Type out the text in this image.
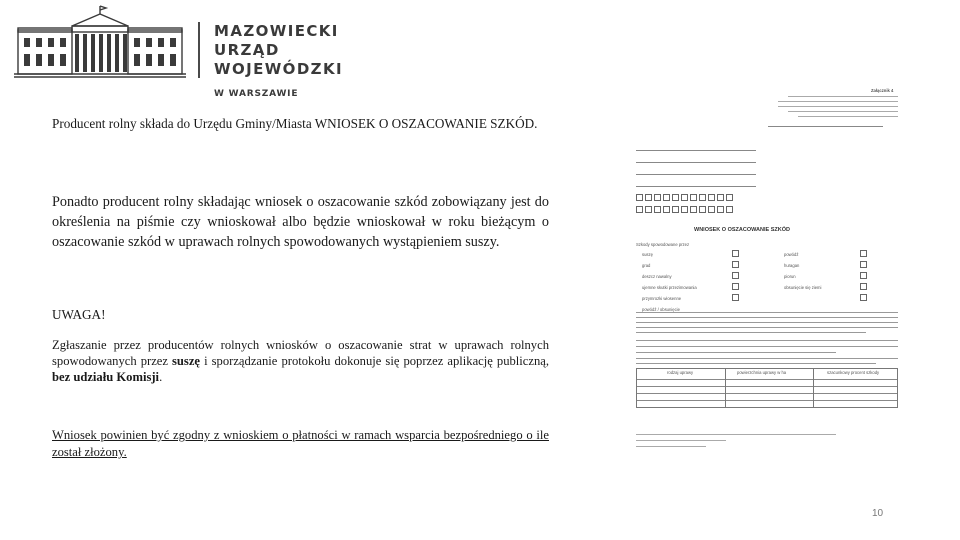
MAZOWIECKI
URZĄD WOJEWÓDZKI
W WARSZAWIE
Producent rolny składa do Urzędu Gminy/Miasta WNIOSEK O OSZACOWANIE SZKÓD.
Ponadto producent rolny składając wniosek o oszacowanie szkód zobowiązany jest do określenia na piśmie czy wnioskował albo będzie wnioskował w roku bieżącym o oszacowanie szkód w uprawach rolnych spowodowanych wystąpieniem suszy.
UWAGA!
Zgłaszanie przez producentów rolnych wniosków o oszacowanie strat w uprawach rolnych spowodowanych przez suszę i sporządzanie protokołu dokonuje się poprzez aplikację publiczną, bez udziału Komisji.
Wniosek powinien być zgodny z wnioskiem o płatności w ramach wsparcia bezpośredniego o ile został złożony.
Załącznik 4
WNIOSEK O OSZACOWANIE SZKÓD
Szkody spowodowane przez
suszę
grad
deszcz nawalny
ujemne skutki przezimowania
przymrozki wiosenne
powódź / obsunięcie
powódź
huragan
piorun
obsunięcie się ziemi
rodzaj uprawy	powierzchnia uprawy w ha	szacunkowy procent szkody
10
